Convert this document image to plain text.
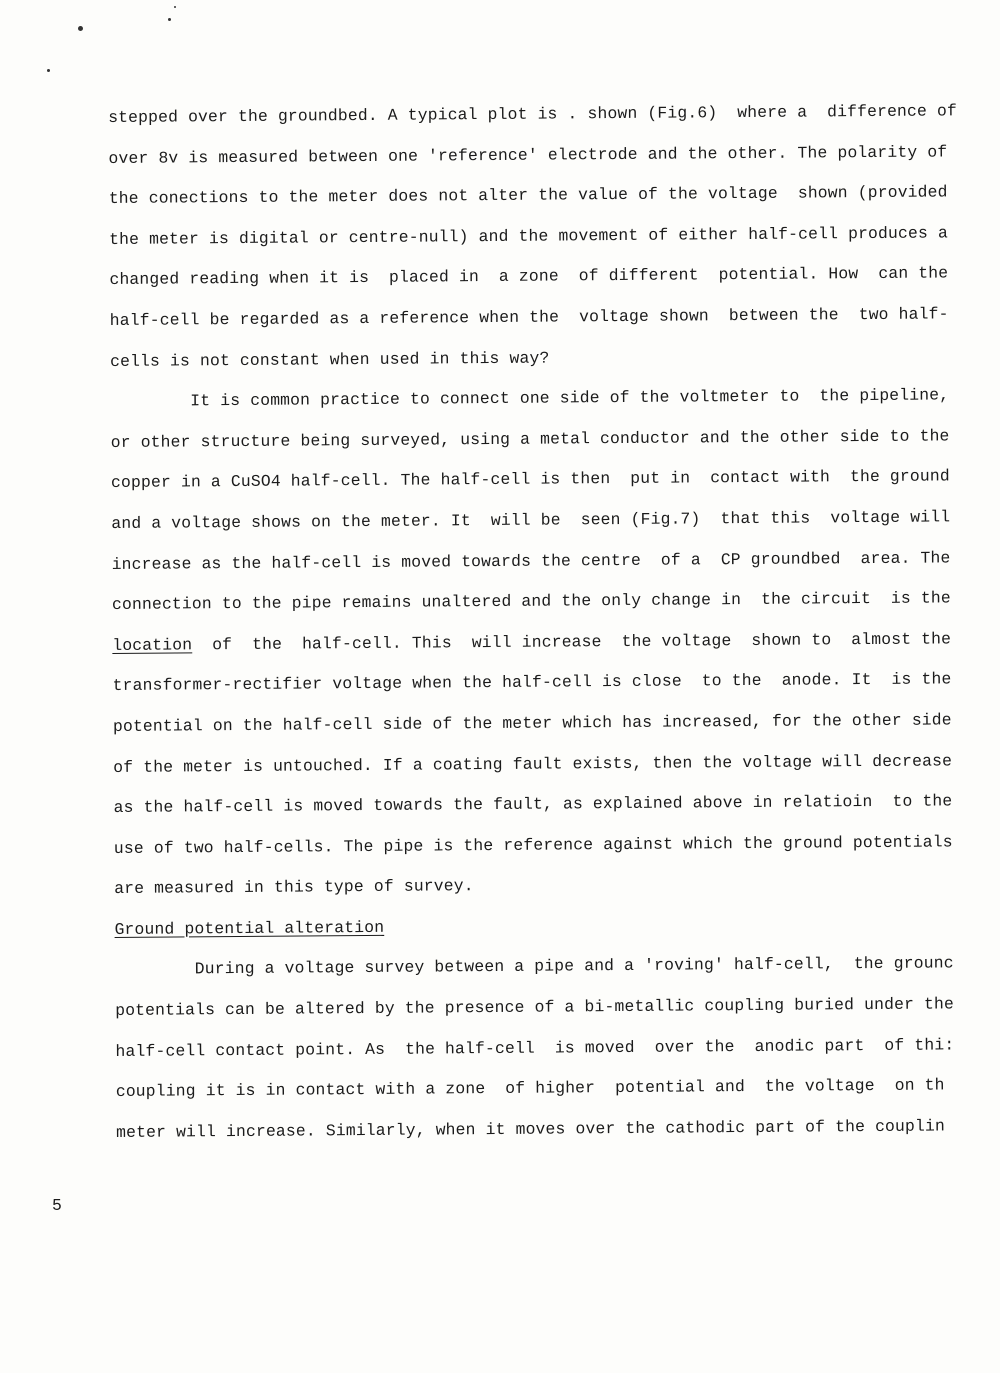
stepped over the groundbed. A typical plot is . shown (Fig.6)  where a  difference of
over 8v is measured between one 'reference' electrode and the other. The polarity of
the conections to the meter does not alter the value of the voltage  shown (provided
the meter is digital or centre-null) and the movement of either half-cell produces a
changed reading when it is  placed in  a zone  of different  potential. How  can the
half-cell be regarded as a reference when the  voltage shown  between the  two half-
cells is not constant when used in this way?
It is common practice to connect one side of the voltmeter to  the pipeline,
or other structure being surveyed, using a metal conductor and the other side to the
copper in a CuSO4 half-cell. The half-cell is then  put in  contact with  the ground
and a voltage shows on the meter. It  will be  seen (Fig.7)  that this  voltage will
increase as the half-cell is moved towards the centre  of a  CP groundbed  area. The
connection to the pipe remains unaltered and the only change in  the circuit  is the
location  of  the  half-cell. This  will increase  the voltage  shown to  almost the
transformer-rectifier voltage when the half-cell is close  to the  anode. It  is the
potential on the half-cell side of the meter which has increased, for the other side
of the meter is untouched. If a coating fault exists, then the voltage will decrease
as the half-cell is moved towards the fault, as explained above in relatioin  to the
use of two half-cells. The pipe is the reference against which the ground potentials
are measured in this type of survey.
Ground potential alteration
During a voltage survey between a pipe and a 'roving' half-cell,  the grounc
potentials can be altered by the presence of a bi-metallic coupling buried under the
half-cell contact point. As  the half-cell  is moved  over the  anodic part  of thi:
coupling it is in contact with a zone  of higher  potential and  the voltage  on th
meter will increase. Similarly, when it moves over the cathodic part of the couplin
5
